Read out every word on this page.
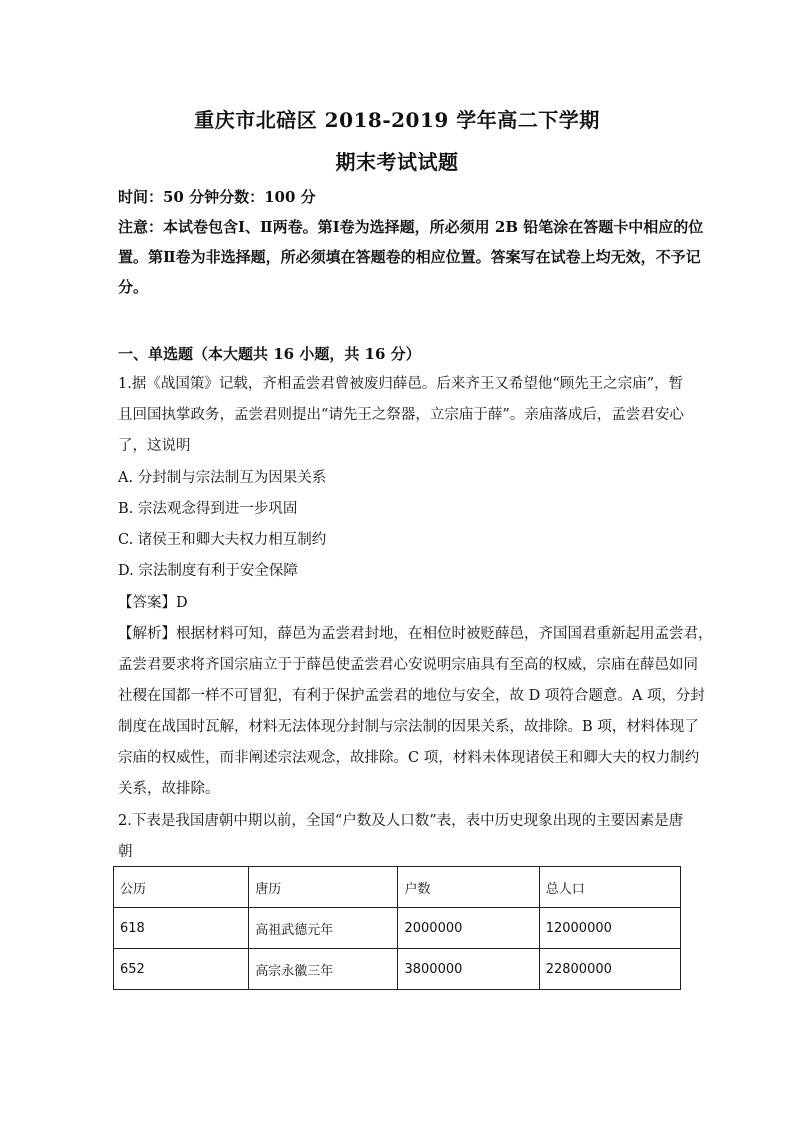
重庆市北碚区 2018-2019 学年高二下学期
期末考试试题
时间：50 分钟分数：100 分
注意：本试卷包含Ⅰ、Ⅱ两卷。第Ⅰ卷为选择题，所必须用 2B 铅笔涂在答题卡中相应的位
置。第Ⅱ卷为非选择题，所必须填在答题卷的相应位置。答案写在试卷上均无效，不予记
分。
一、单选题（本大题共 16 小题，共 16 分）
1.据《战国策》记载，齐相孟尝君曾被废归薛邑。后来齐王又希望他“顾先王之宗庙”，暂
且回国执掌政务，孟尝君则提出“请先王之祭器，立宗庙于薛”。亲庙落成后，孟尝君安心
了，这说明
A. 分封制与宗法制互为因果关系
B. 宗法观念得到进一步巩固
C. 诸侯王和卿大夫权力相互制约
D. 宗法制度有利于安全保障
【答案】D
【解析】根据材料可知，薛邑为孟尝君封地，在相位时被贬薛邑，齐国国君重新起用孟尝君，
孟尝君要求将齐国宗庙立于于薛邑使孟尝君心安说明宗庙具有至高的权威，宗庙在薛邑如同
社稷在国都一样不可冒犯，有利于保护孟尝君的地位与安全，故 D 项符合题意。A 项，分封
制度在战国时瓦解，材料无法体现分封制与宗法制的因果关系，故排除。B 项，材料体现了
宗庙的权威性，而非阐述宗法观念，故排除。C 项，材料未体现诸侯王和卿大夫的权力制约
关系，故排除。
2.下表是我国唐朝中期以前，全国“户数及人口数”表，表中历史现象出现的主要因素是唐
朝
公历	唐历	户数	总人口
618	高祖武德元年	2000000	12000000
652	高宗永徽三年	3800000	22800000
